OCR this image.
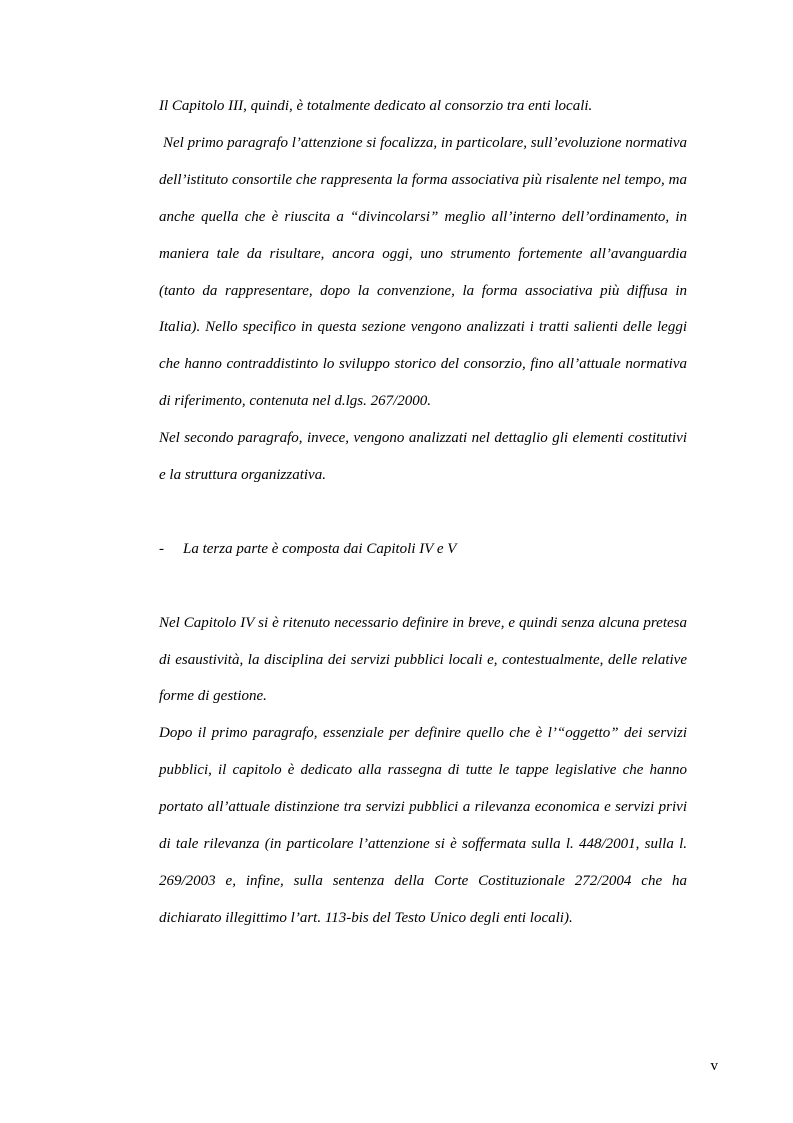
Il Capitolo III, quindi, è totalmente dedicato al consorzio tra enti locali.

Nel primo paragrafo l’attenzione si focalizza, in particolare, sull’evoluzione normativa dell’istituto consortile che rappresenta la forma associativa più risalente nel tempo, ma anche quella che è riuscita a “divincolarsi” meglio all’interno dell’ordinamento, in maniera tale da risultare, ancora oggi, uno strumento fortemente all’avanguardia (tanto da rappresentare, dopo la convenzione, la forma associativa più diffusa in Italia). Nello specifico in questa sezione vengono analizzati i tratti salienti delle leggi che hanno contraddistinto lo sviluppo storico del consorzio, fino all’attuale normativa di riferimento, contenuta nel d.lgs. 267/2000.

Nel secondo paragrafo, invece, vengono analizzati nel dettaglio gli elementi costitutivi e la struttura organizzativa.

- La terza parte è composta dai Capitoli IV e V

Nel Capitolo IV si è ritenuto necessario definire in breve, e quindi senza alcuna pretesa di esaustività, la disciplina dei servizi pubblici locali e, contestualmente, delle relative forme di gestione.

Dopo il primo paragrafo, essenziale per definire quello che è l’“oggetto” dei servizi pubblici, il capitolo è dedicato alla rassegna di tutte le tappe legislative che hanno portato all’attuale distinzione tra servizi pubblici a rilevanza economica e servizi privi di tale rilevanza (in particolare l’attenzione si è soffermata sulla l. 448/2001, sulla l. 269/2003 e, infine, sulla sentenza della Corte Costituzionale 272/2004 che ha dichiarato illegittimo l’art. 113-bis del Testo Unico degli enti locali).

v
